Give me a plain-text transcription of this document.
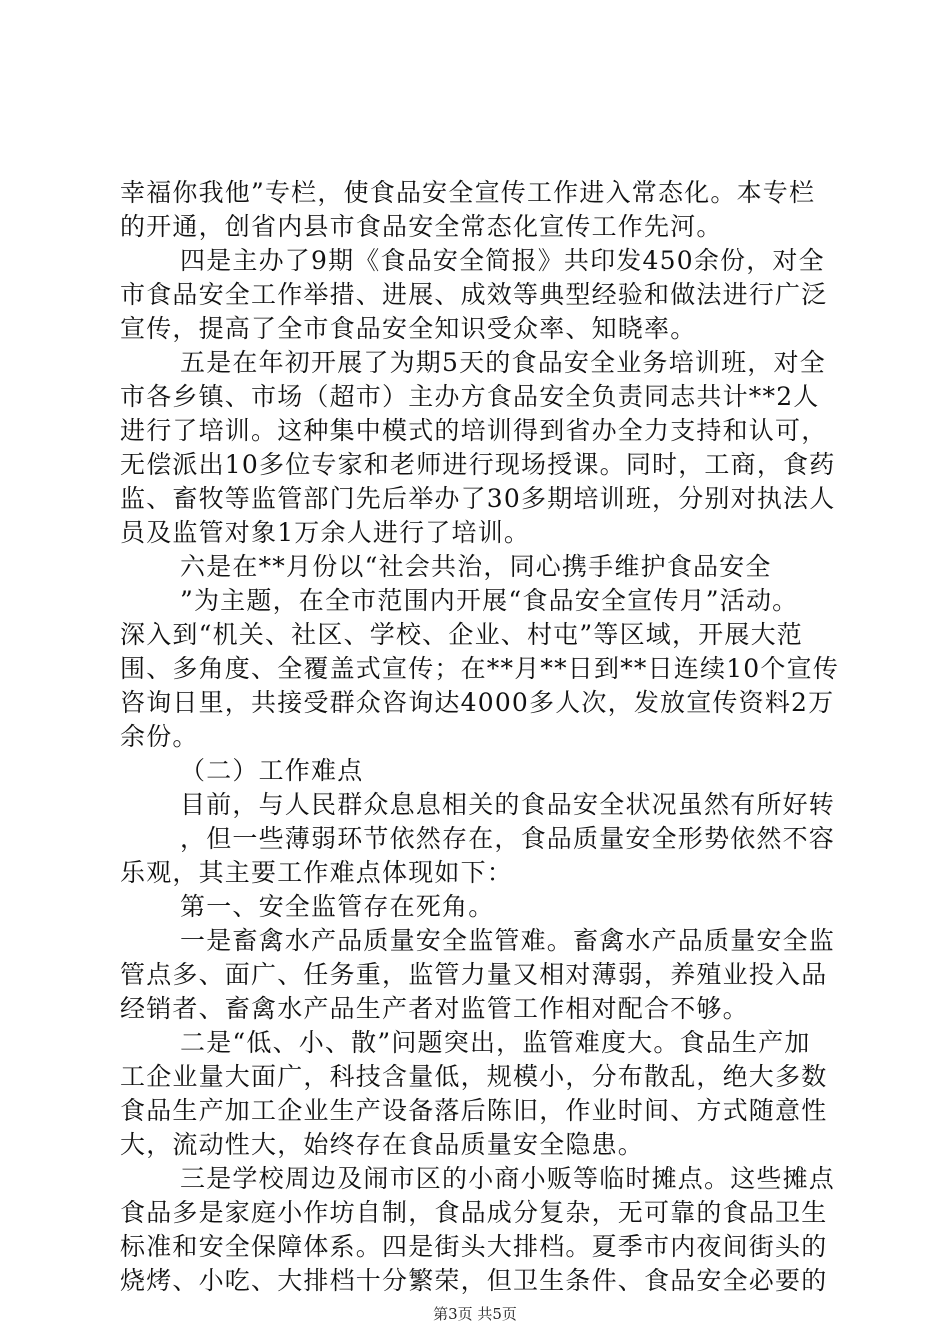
幸福你我他”专栏，使食品安全宣传工作进入常态化。本专栏
的开通，创省内县市食品安全常态化宣传工作先河。
四是主办了9期《食品安全简报》共印发450余份，对全
市食品安全工作举措、进展、成效等典型经验和做法进行广泛
宣传，提高了全市食品安全知识受众率、知晓率。
五是在年初开展了为期5天的食品安全业务培训班，对全
市各乡镇、市场（超市）主办方食品安全负责同志共计**2人
进行了培训。这种集中模式的培训得到省办全力支持和认可，
无偿派出10多位专家和老师进行现场授课。同时，工商，食药
监、畜牧等监管部门先后举办了30多期培训班，分别对执法人
员及监管对象1万余人进行了培训。
六是在**月份以“社会共治，同心携手维护食品安全
”为主题，在全市范围内开展“食品安全宣传月”活动。
深入到“机关、社区、学校、企业、村屯”等区域，开展大范
围、多角度、全覆盖式宣传；在**月**日到**日连续10个宣传
咨询日里，共接受群众咨询达4000多人次，发放宣传资料2万
余份。
（二）工作难点
目前，与人民群众息息相关的食品安全状况虽然有所好转
，但一些薄弱环节依然存在，食品质量安全形势依然不容
乐观，其主要工作难点体现如下：
第一、安全监管存在死角。
一是畜禽水产品质量安全监管难。畜禽水产品质量安全监
管点多、面广、任务重，监管力量又相对薄弱，养殖业投入品
经销者、畜禽水产品生产者对监管工作相对配合不够。
二是“低、小、散”问题突出，监管难度大。食品生产加
工企业量大面广，科技含量低，规模小，分布散乱，绝大多数
食品生产加工企业生产设备落后陈旧，作业时间、方式随意性
大，流动性大，始终存在食品质量安全隐患。
三是学校周边及闹市区的小商小贩等临时摊点。这些摊点
食品多是家庭小作坊自制，食品成分复杂，无可靠的食品卫生
标准和安全保障体系。四是街头大排档。夏季市内夜间街头的
烧烤、小吃、大排档十分繁荣，但卫生条件、食品安全必要的
第3页 共5页
